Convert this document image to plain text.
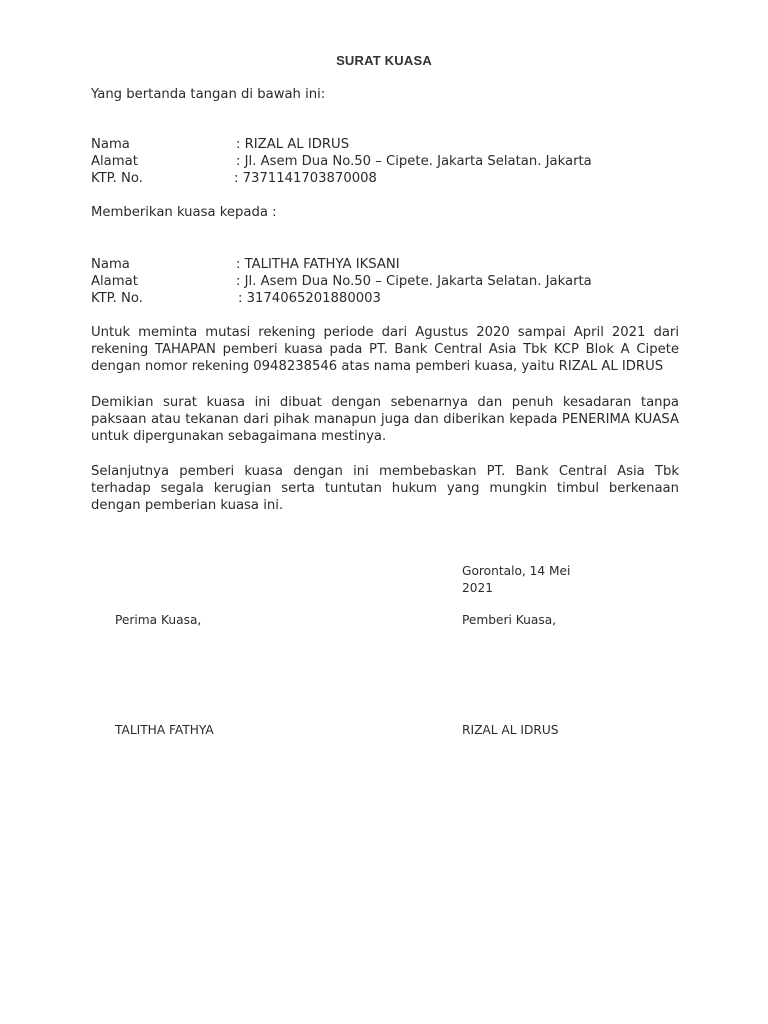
SURAT KUASA
Yang bertanda tangan di bawah ini:
Nama	: RIZAL AL IDRUS
Alamat	: Jl. Asem Dua No.50 – Cipete. Jakarta Selatan. Jakarta
KTP. No.	: 7371141703870008
Memberikan kuasa kepada :
Nama	: TALITHA FATHYA IKSANI
Alamat	: Jl. Asem Dua No.50 – Cipete. Jakarta Selatan. Jakarta
KTP. No.	: 3174065201880003
Untuk meminta mutasi rekening periode dari Agustus 2020 sampai April 2021 dari rekening TAHAPAN pemberi kuasa pada PT. Bank Central Asia Tbk KCP Blok A Cipete dengan nomor rekening 0948238546 atas nama pemberi kuasa, yaitu RIZAL AL IDRUS
Demikian surat kuasa ini dibuat dengan sebenarnya dan penuh kesadaran tanpa paksaan atau tekanan dari pihak manapun juga dan diberikan kepada PENERIMA KUASA untuk dipergunakan sebagaimana mestinya.
Selanjutnya pemberi kuasa dengan ini membebaskan PT. Bank Central Asia Tbk terhadap segala kerugian serta tuntutan hukum yang mungkin timbul berkenaan dengan pemberian kuasa ini.
Gorontalo, 14 Mei
2021
Perima Kuasa,	Pemberi Kuasa,
TALITHA FATHYA	RIZAL AL IDRUS
